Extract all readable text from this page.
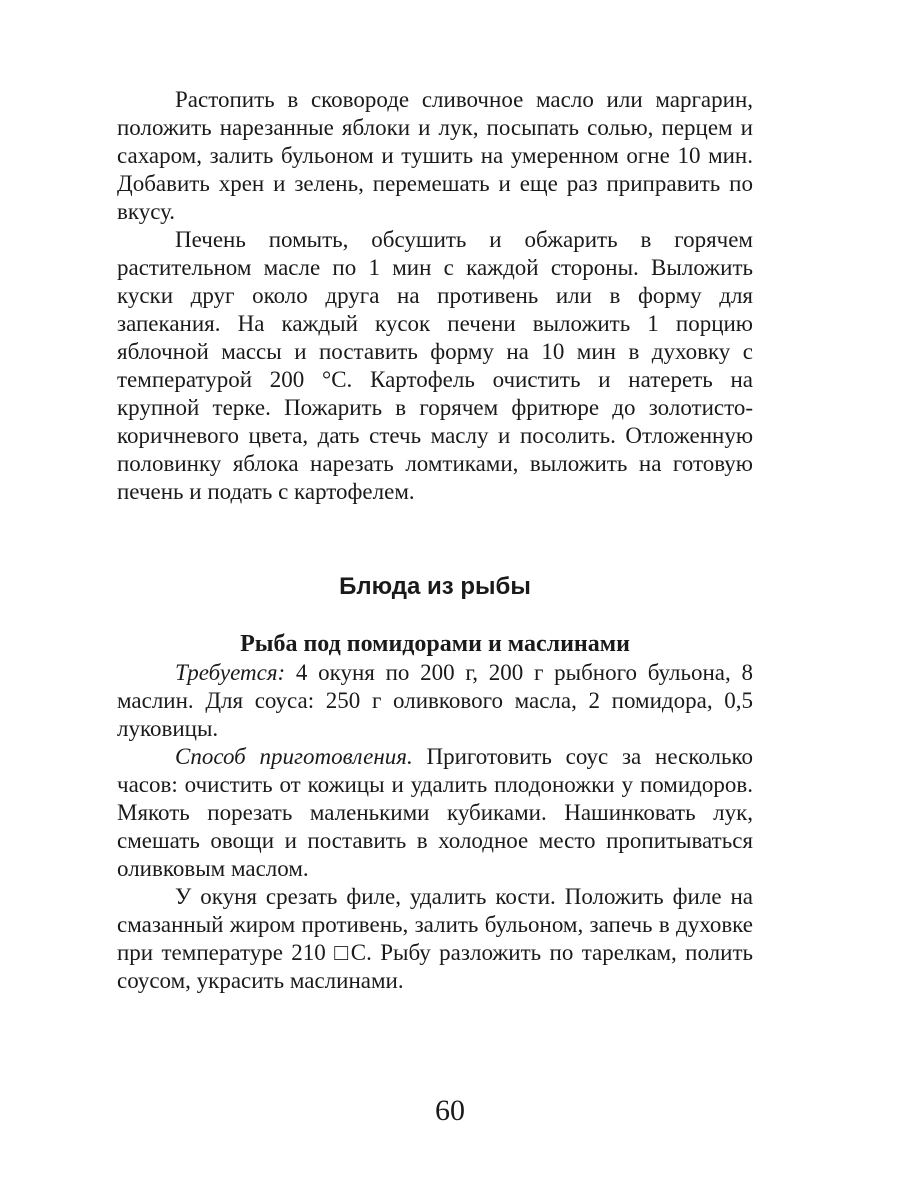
Растопить в сковороде сливочное масло или маргарин, положить нарезанные яблоки и лук, посыпать солью, перцем и сахаром, залить бульоном и тушить на умеренном огне 10 мин. Добавить хрен и зелень, перемешать и еще раз приправить по вкусу.

Печень помыть, обсушить и обжарить в горячем растительном масле по 1 мин с каждой стороны. Выложить куски друг около друга на противень или в форму для запекания. На каждый кусок печени выложить 1 порцию яблочной массы и поставить форму на 10 мин в духовку с температурой 200 °С. Картофель очистить и натереть на крупной терке. Пожарить в горячем фритюре до золотисто-коричневого цвета, дать стечь маслу и посолить. Отложенную половинку яблока нарезать ломтиками, выложить на готовую печень и подать с картофелем.

Блюда из рыбы
Рыба под помидорами и маслинами

Требуется: 4 окуня по 200 г, 200 г рыбного бульона, 8 маслин. Для соуса: 250 г оливкового масла, 2 помидора, 0,5 луковицы.

Способ приготовления. Приготовить соус за несколько часов: очистить от кожицы и удалить плодоножки у помидоров. Мякоть порезать маленькими кубиками. Нашинковать лук, смешать овощи и поставить в холодное место пропитываться оливковым маслом.

У окуня срезать филе, удалить кости. Положить филе на смазанный жиром противень, залить бульоном, запечь в духовке при температуре 210 □С. Рыбу разложить по тарелкам, полить соусом, украсить маслинами.

60
